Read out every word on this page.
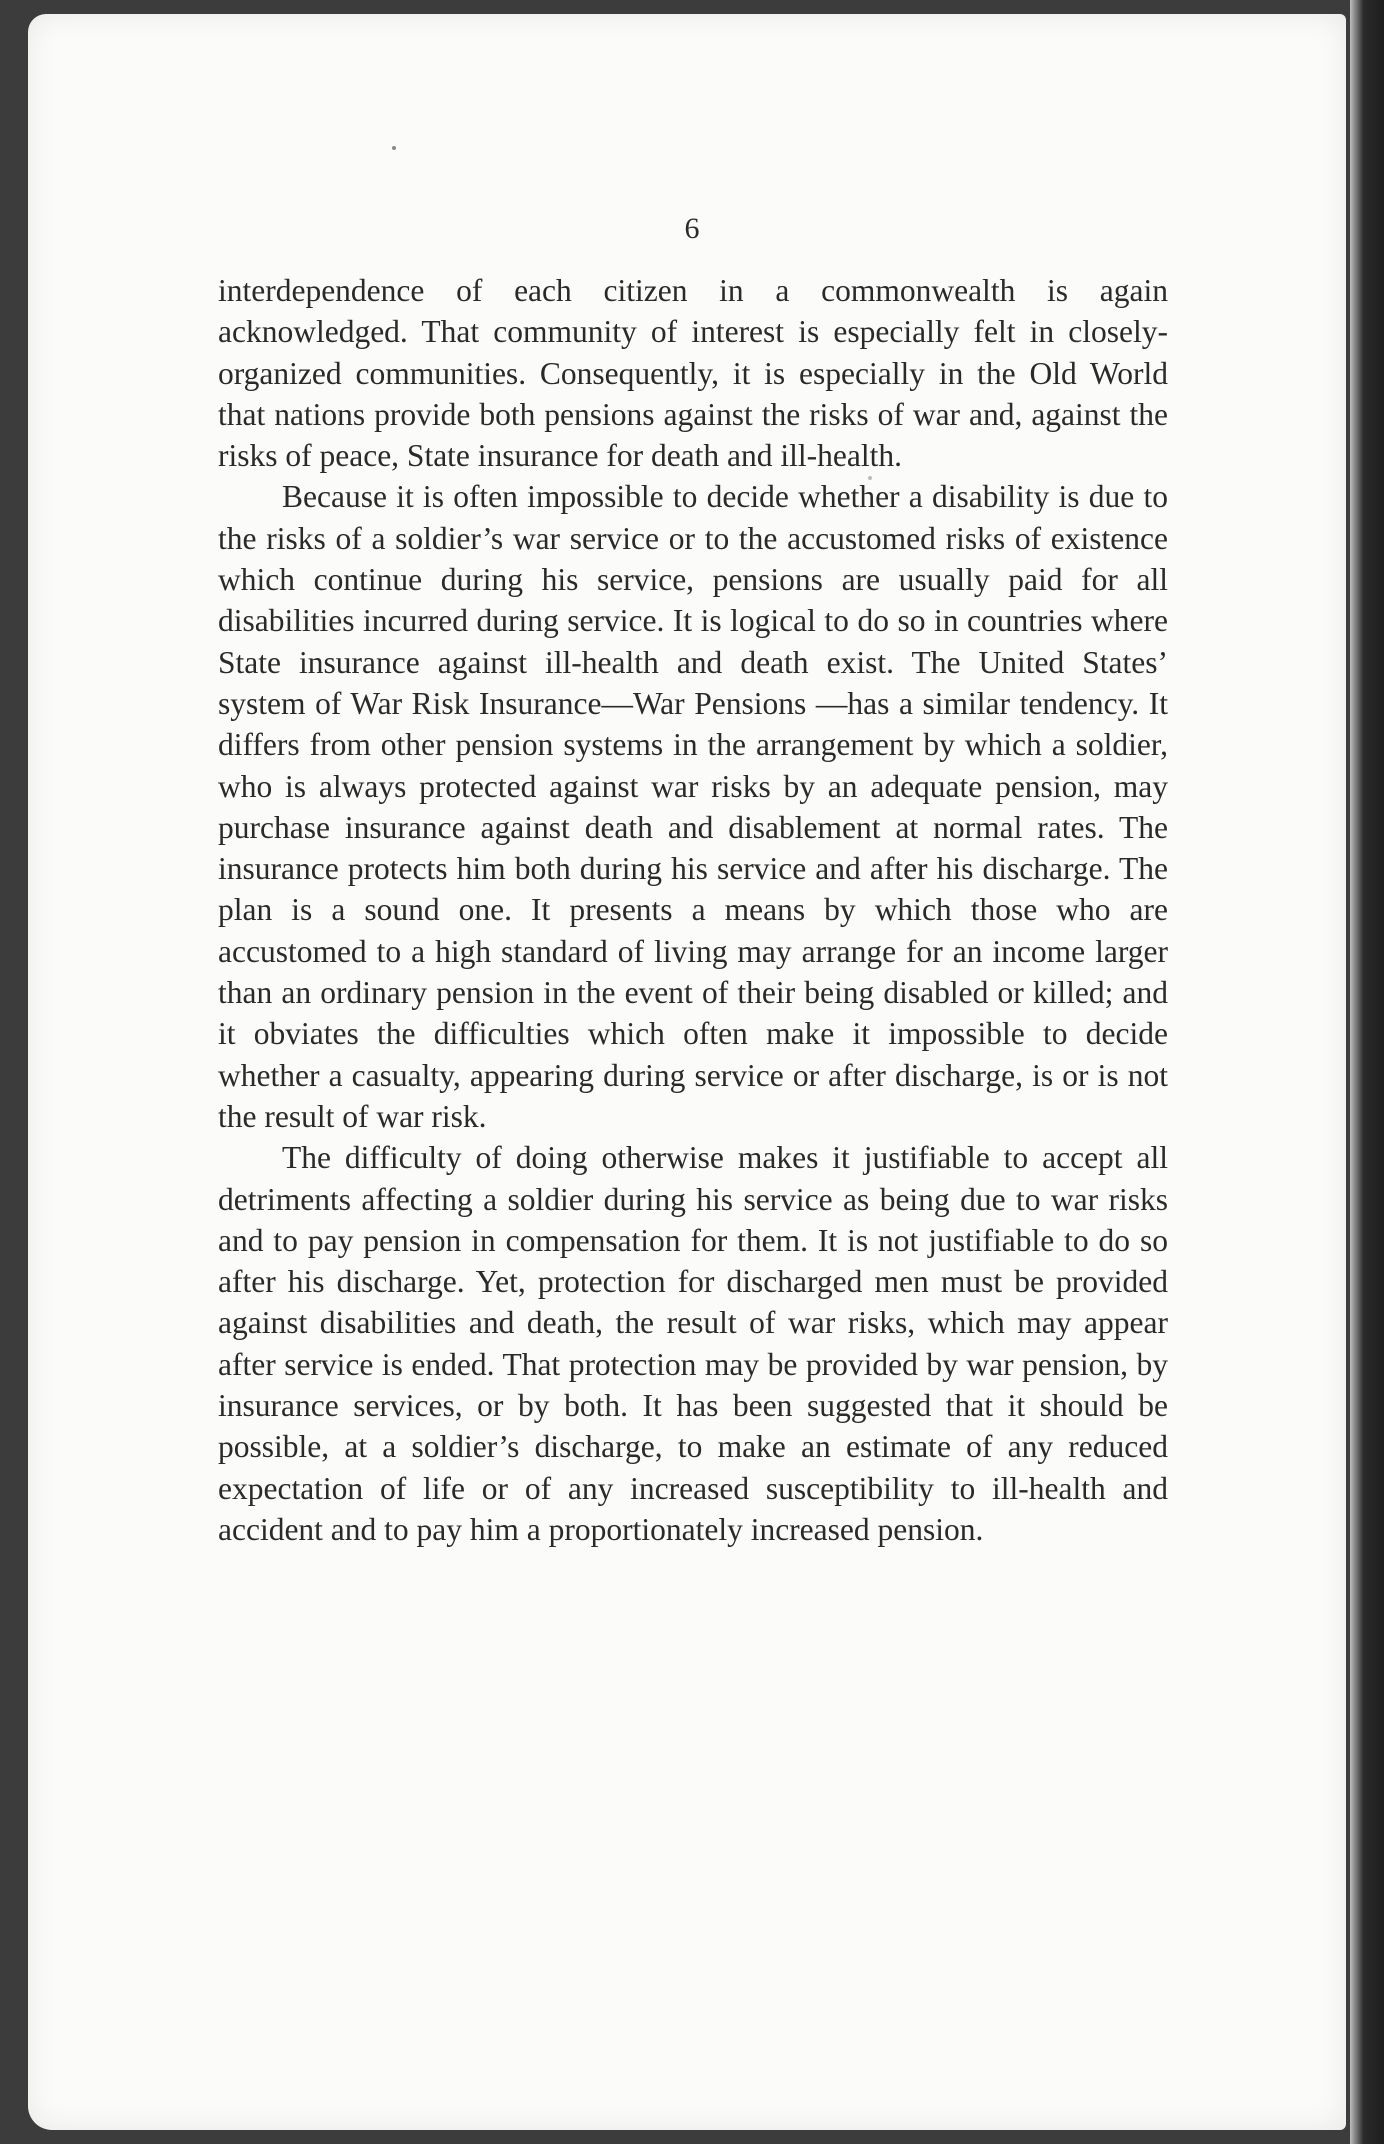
6

interdependence of each citizen in a commonwealth is again acknowledged. That community of interest is especially felt in closely-organized communities. Consequently, it is especially in the Old World that nations provide both pensions against the risks of war and, against the risks of peace, State insurance for death and ill-health.

Because it is often impossible to decide whether a disability is due to the risks of a soldier’s war service or to the accustomed risks of existence which continue during his service, pensions are usually paid for all disabilities incurred during service. It is logical to do so in countries where State insurance against ill-health and death exist. The United States’ system of War Risk Insurance—War Pensions —has a similar tendency. It differs from other pension systems in the arrangement by which a soldier, who is always protected against war risks by an adequate pension, may purchase insurance against death and disablement at normal rates. The insurance protects him both during his service and after his discharge. The plan is a sound one. It presents a means by which those who are accustomed to a high standard of living may arrange for an income larger than an ordinary pension in the event of their being disabled or killed; and it obviates the difficulties which often make it impossible to decide whether a casualty, appearing during service or after discharge, is or is not the result of war risk.

The difficulty of doing otherwise makes it justifiable to accept all detriments affecting a soldier during his service as being due to war risks and to pay pension in compensation for them. It is not justifiable to do so after his discharge. Yet, protection for discharged men must be provided against disabilities and death, the result of war risks, which may appear after service is ended. That protection may be provided by war pension, by insurance services, or by both. It has been suggested that it should be possible, at a soldier’s discharge, to make an estimate of any reduced expectation of life or of any increased susceptibility to ill-health and accident and to pay him a proportionately increased pension.
